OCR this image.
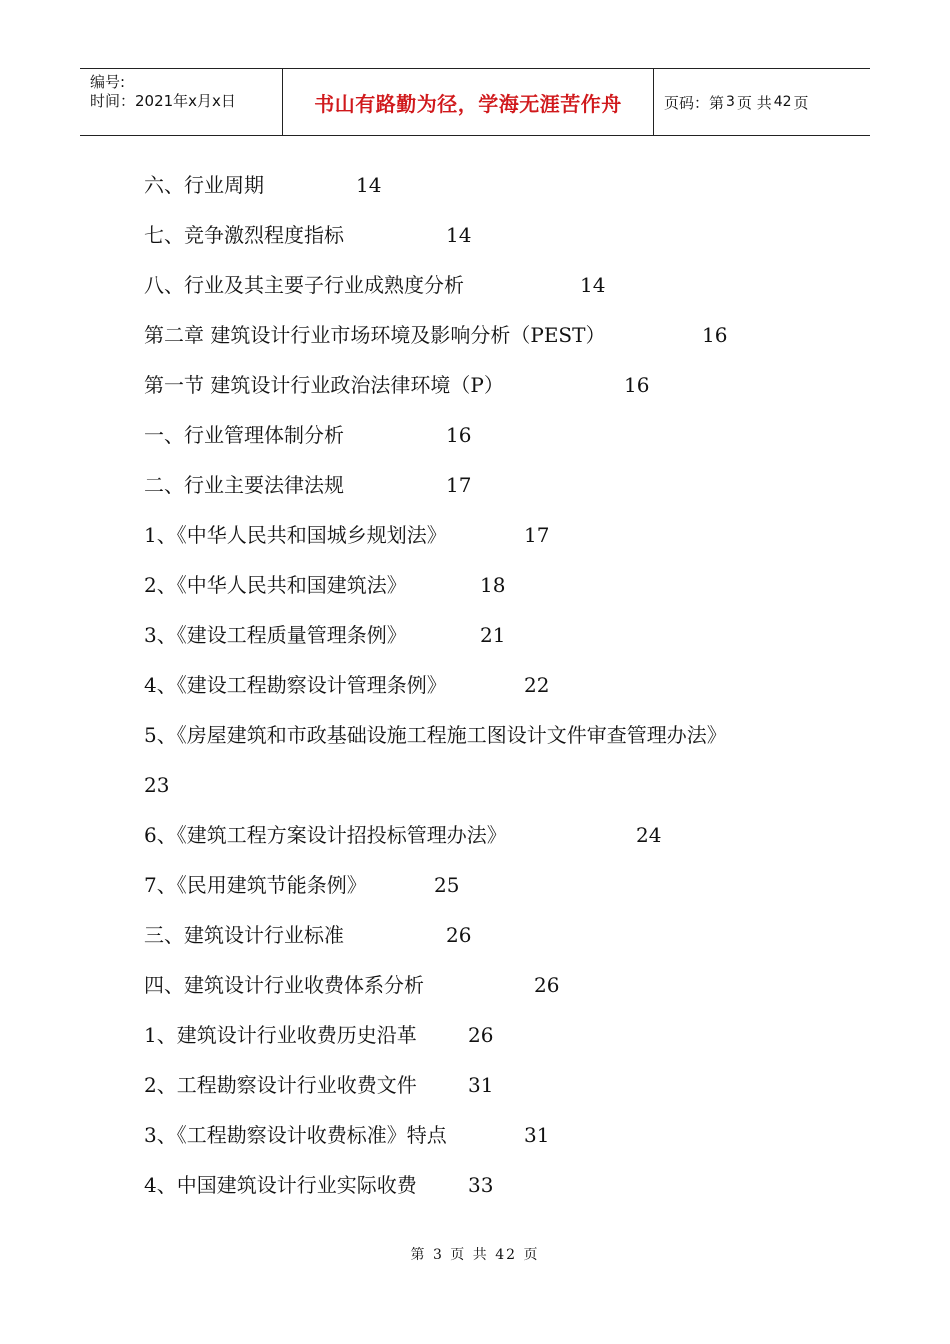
编号:
时间：2021年x月x日	书山有路勤为径，学海无涯苦作舟	页码：第 3 页 共 42 页
六、行业周期	14
七、竞争激烈程度指标	14
八、行业及其主要子行业成熟度分析	14
第二章 建筑设计行业市场环境及影响分析（PEST）	16
第一节 建筑设计行业政治法律环境（P）	16
一、行业管理体制分析	16
二、行业主要法律法规	17
1、《中华人民共和国城乡规划法》	17
2、《中华人民共和国建筑法》	18
3、《建设工程质量管理条例》	21
4、《建设工程勘察设计管理条例》	22
5、《房屋建筑和市政基础设施工程施工图设计文件审查管理办法》
23
6、《建筑工程方案设计招投标管理办法》	24
7、《民用建筑节能条例》	25
三、建筑设计行业标准	26
四、建筑设计行业收费体系分析	26
1、建筑设计行业收费历史沿革	26
2、工程勘察设计行业收费文件	31
3、《工程勘察设计收费标准》特点	31
4、中国建筑设计行业实际收费	33
第 3 页 共 42 页
